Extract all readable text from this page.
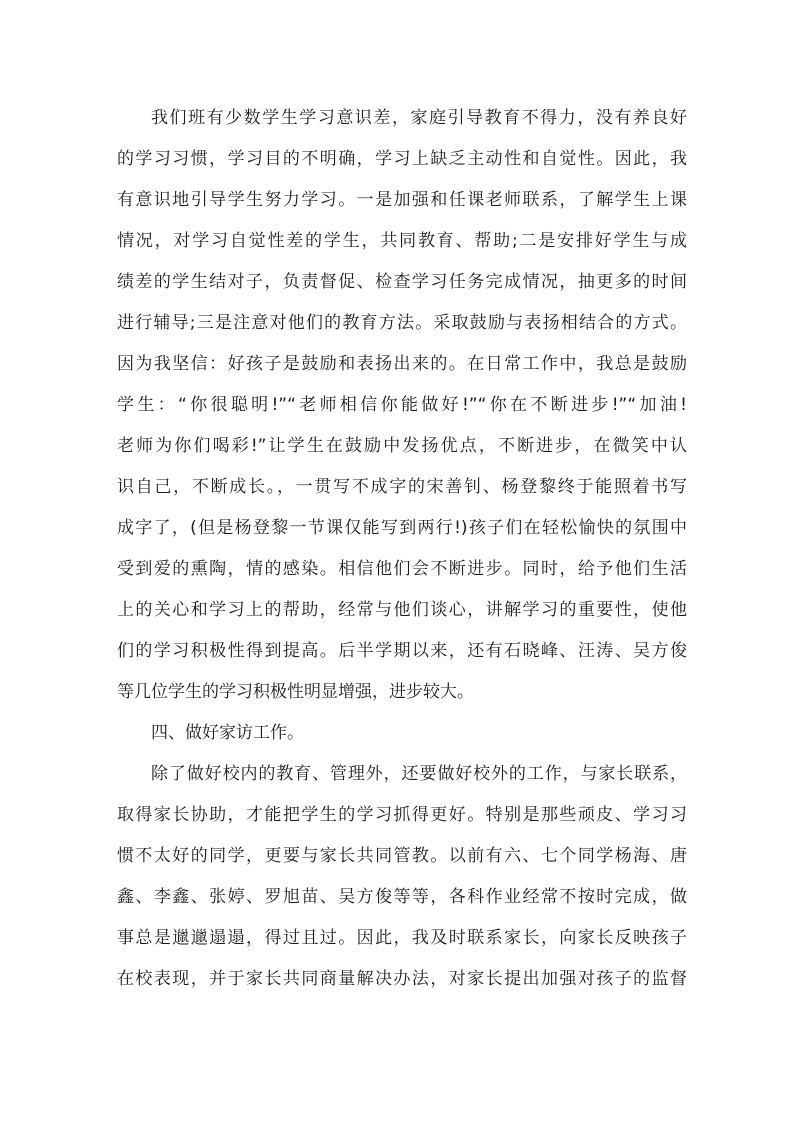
我们班有少数学生学习意识差，家庭引导教育不得力，没有养良好
的学习习惯，学习目的不明确，学习上缺乏主动性和自觉性。因此，我
有意识地引导学生努力学习。一是加强和任课老师联系，了解学生上课
情况，对学习自觉性差的学生，共同教育、帮助;二是安排好学生与成
绩差的学生结对子，负责督促、检查学习任务完成情况，抽更多的时间
进行辅导;三是注意对他们的教育方法。采取鼓励与表扬相结合的方式。
因为我坚信：好孩子是鼓励和表扬出来的。在日常工作中，我总是鼓励
学生：“你很聪明!”“老师相信你能做好!”“你在不断进步!”“加油!
老师为你们喝彩!”让学生在鼓励中发扬优点，不断进步，在微笑中认
识自己，不断成长。，一贯写不成字的宋善钊、杨登黎终于能照着书写
成字了，(但是杨登黎一节课仅能写到两行!)孩子们在轻松愉快的氛围中
受到爱的熏陶，情的感染。相信他们会不断进步。同时，给予他们生活
上的关心和学习上的帮助，经常与他们谈心，讲解学习的重要性，使他
们的学习积极性得到提高。后半学期以来，还有石晓峰、汪涛、吴方俊
等几位学生的学习积极性明显增强，进步较大。
四、做好家访工作。
除了做好校内的教育、管理外，还要做好校外的工作，与家长联系，
取得家长协助，才能把学生的学习抓得更好。特别是那些顽皮、学习习
惯不太好的同学，更要与家长共同管教。以前有六、七个同学杨海、唐
鑫、李鑫、张婷、罗旭苗、吴方俊等等，各科作业经常不按时完成，做
事总是邋邋遢遢，得过且过。因此，我及时联系家长，向家长反映孩子
在校表现，并于家长共同商量解决办法，对家长提出加强对孩子的监督
